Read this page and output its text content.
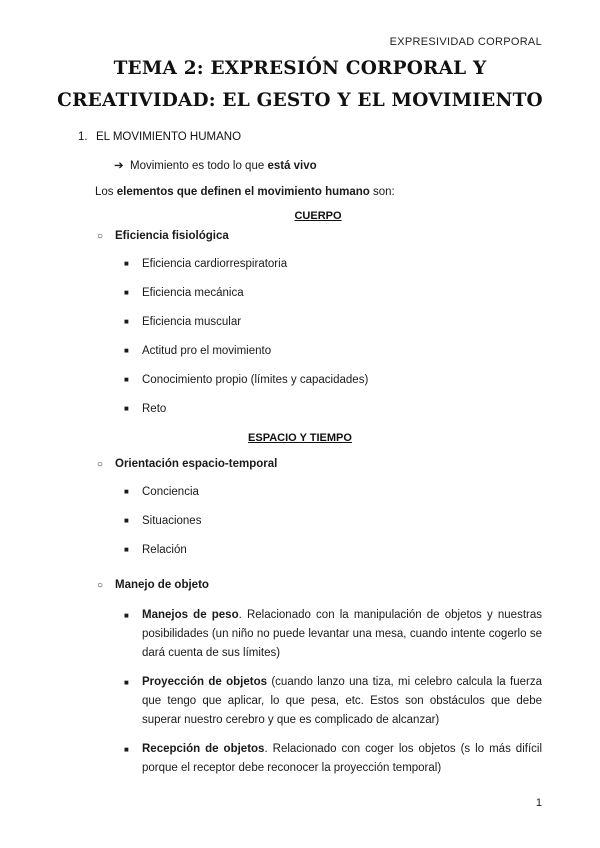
EXPRESIVIDAD CORPORAL
TEMA 2: EXPRESIÓN CORPORAL Y
CREATIVIDAD: EL GESTO Y EL MOVIMIENTO
1. EL MOVIMIENTO HUMANO
➔ Movimiento es todo lo que está vivo
Los elementos que definen el movimiento humano son:
CUERPO
○ Eficiencia fisiológica
■ Eficiencia cardiorrespiratoria
■ Eficiencia mecánica
■ Eficiencia muscular
■ Actitud pro el movimiento
■ Conocimiento propio (límites y capacidades)
■ Reto
ESPACIO Y TIEMPO
○ Orientación espacio-temporal
■ Conciencia
■ Situaciones
■ Relación
○ Manejo de objeto
■ Manejos de peso. Relacionado con la manipulación de objetos y nuestras posibilidades (un niño no puede levantar una mesa, cuando intente cogerlo se dará cuenta de sus límites)
■ Proyección de objetos (cuando lanzo una tiza, mi celebro calcula la fuerza que tengo que aplicar, lo que pesa, etc. Estos son obstáculos que debe superar nuestro cerebro y que es complicado de alcanzar)
■ Recepción de objetos. Relacionado con coger los objetos (s lo más difícil porque el receptor debe reconocer la proyección temporal)
1
